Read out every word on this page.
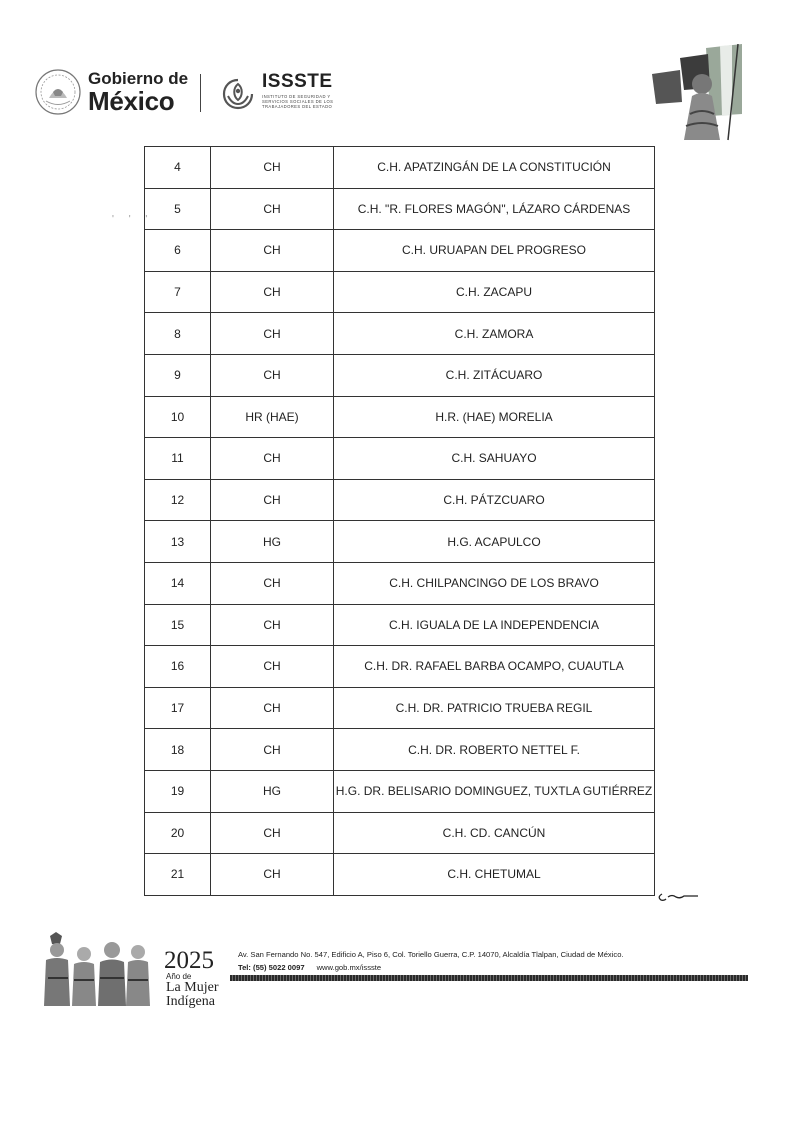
Gobierno de
México
ISSSTE
INSTITUTO DE SEGURIDAD Y SERVICIOS SOCIALES DE LOS TRABAJADORES DEL ESTADO
' ' '
4	CH	C.H. APATZINGÁN DE LA CONSTITUCIÓN
5	CH	C.H. "R. FLORES MAGÓN", LÁZARO CÁRDENAS
6	CH	C.H. URUAPAN DEL PROGRESO
7	CH	C.H. ZACAPU
8	CH	C.H. ZAMORA
9	CH	C.H. ZITÁCUARO
10	HR (HAE)	H.R. (HAE) MORELIA
11	CH	C.H. SAHUAYO
12	CH	C.H. PÁTZCUARO
13	HG	H.G. ACAPULCO
14	CH	C.H. CHILPANCINGO DE LOS BRAVO
15	CH	C.H. IGUALA DE LA INDEPENDENCIA
16	CH	C.H. DR. RAFAEL BARBA OCAMPO, CUAUTLA
17	CH	C.H. DR. PATRICIO TRUEBA REGIL
18	CH	C.H. DR. ROBERTO NETTEL F.
19	HG	H.G. DR. BELISARIO DOMINGUEZ, TUXTLA GUTIÉRREZ
20	CH	C.H. CD. CANCÚN
21	CH	C.H. CHETUMAL
2025
Año de
La Mujer
Indígena
Av. San Fernando No. 547, Edificio A, Piso 6, Col. Toriello Guerra, C.P. 14070, Alcaldía Tlalpan, Ciudad de México.
Tel: (55) 5022 0097 www.gob.mx/issste
